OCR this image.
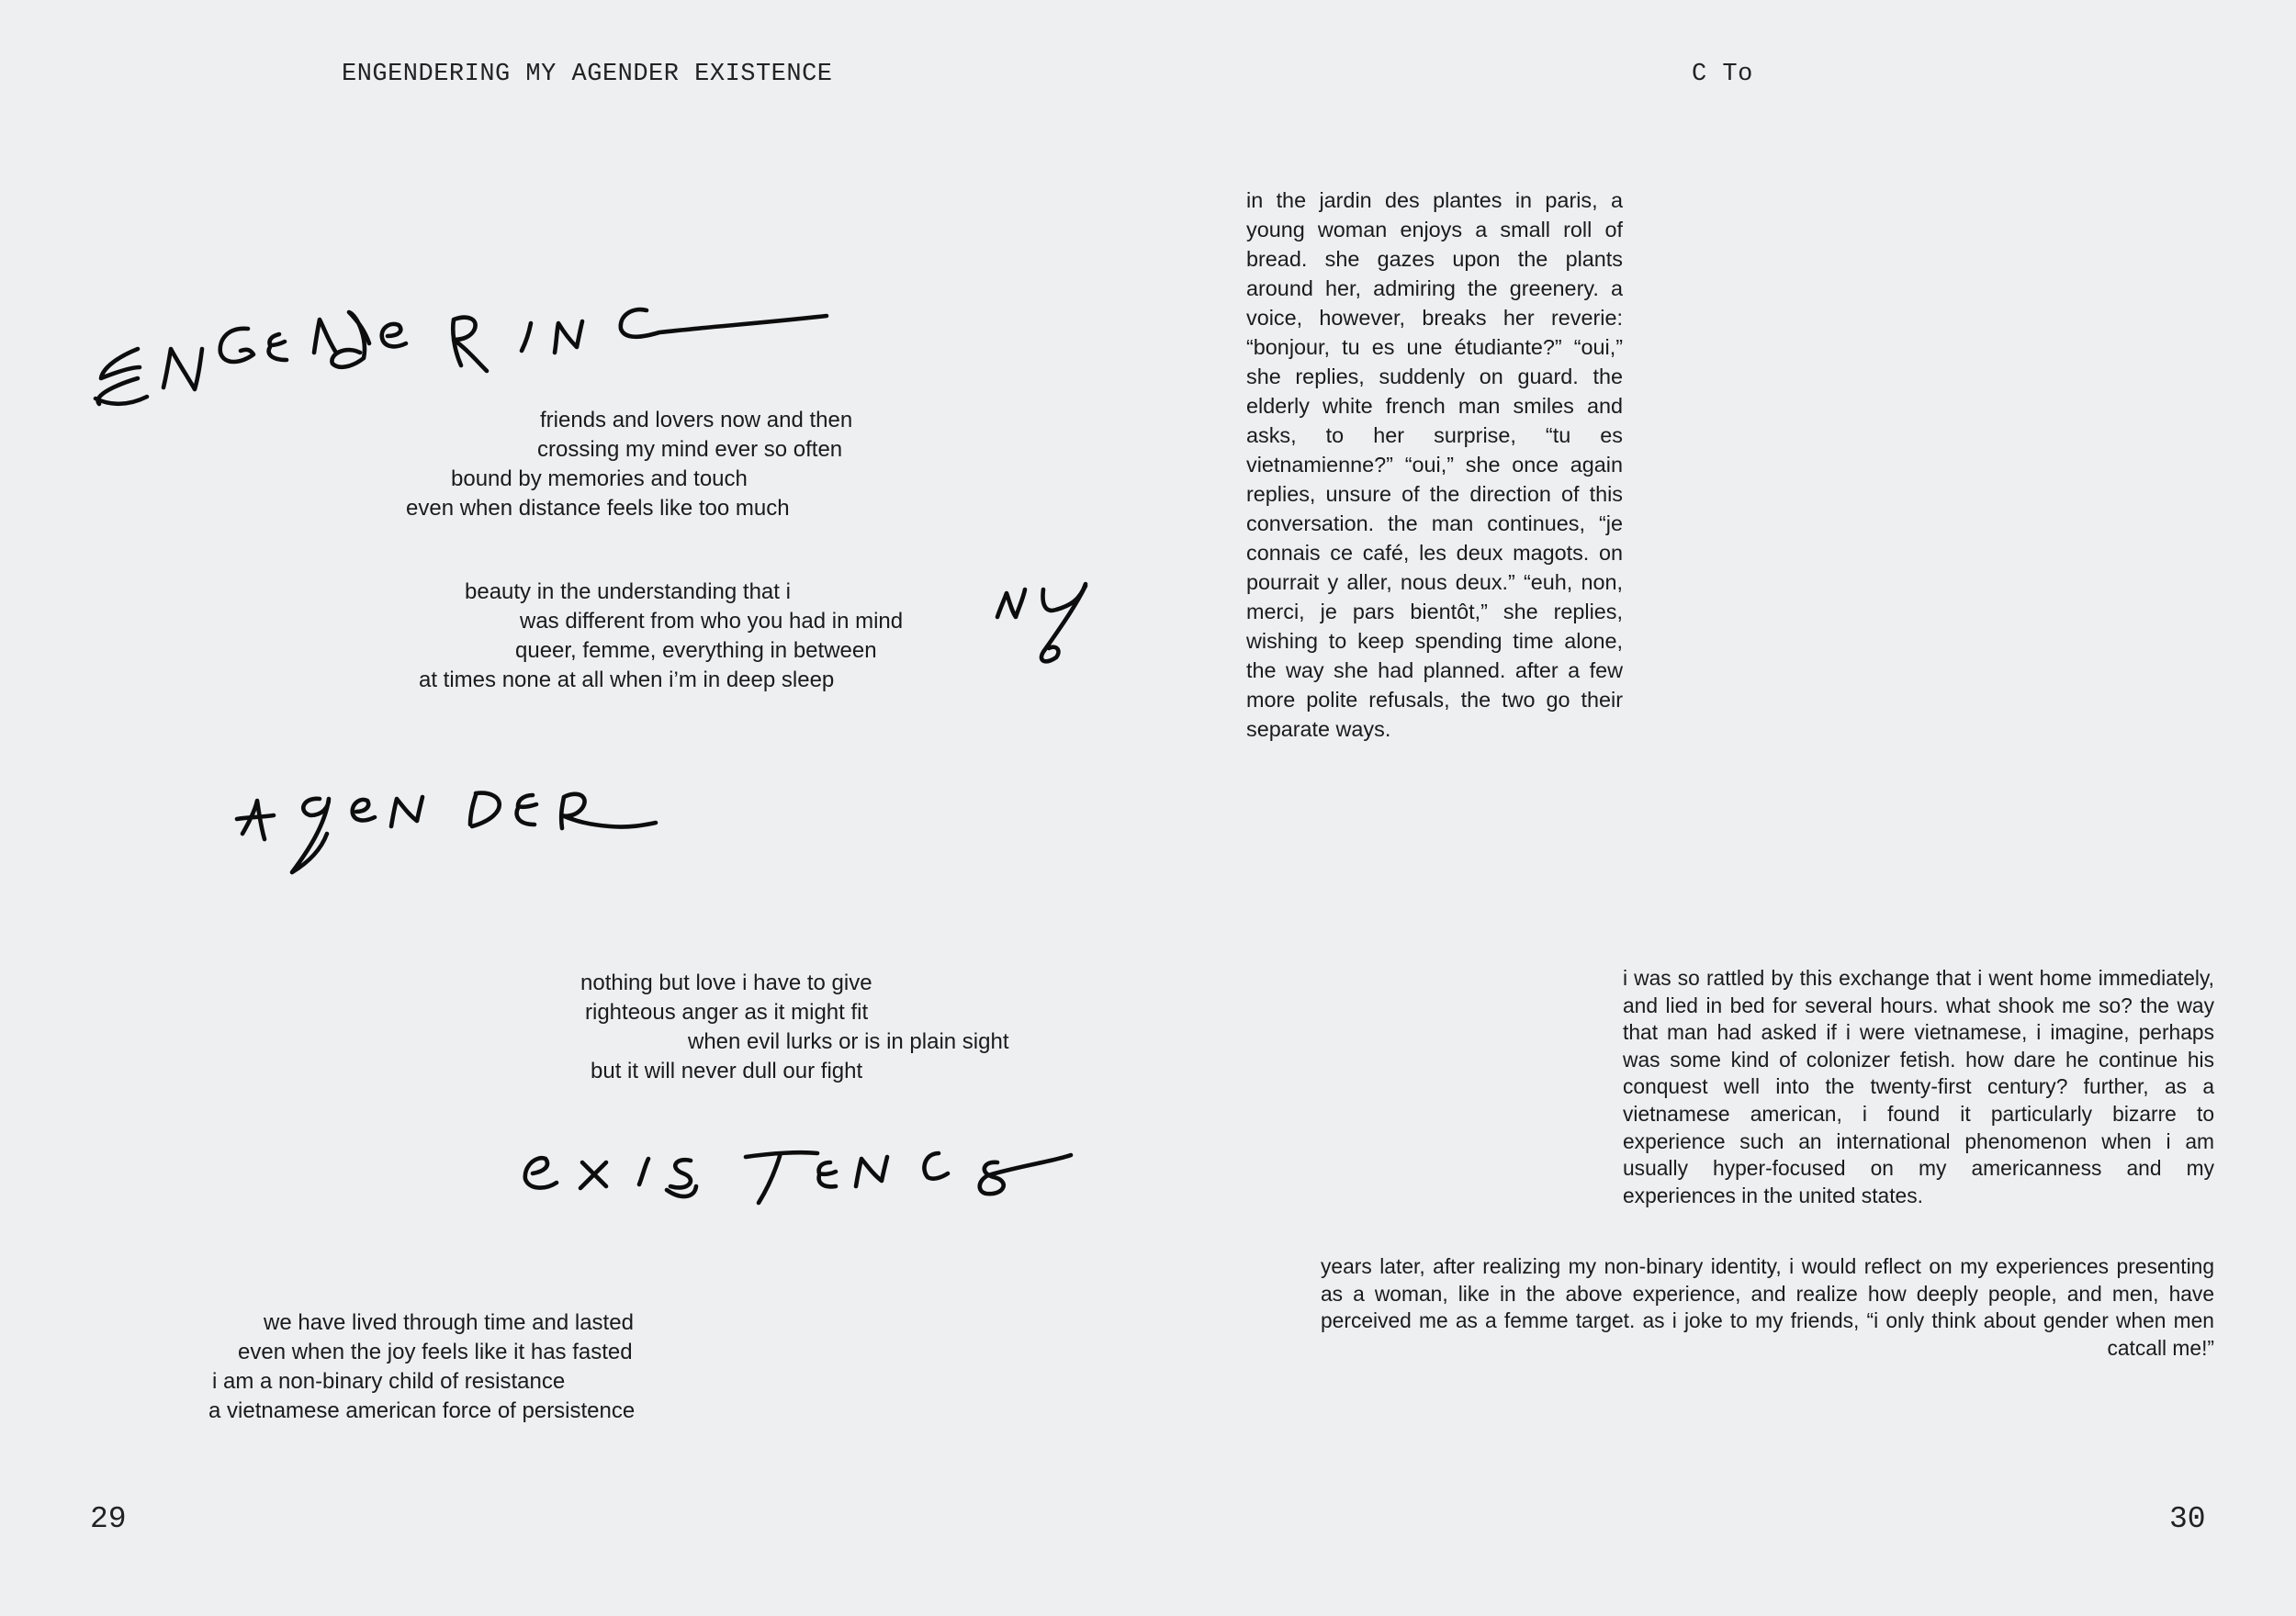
ENGENDERING MY AGENDER EXISTENCE
29
friends and lovers now and then
crossing my mind ever so often
bound by memories and touch
even when distance feels like too much
beauty in the understanding that i
was different from who you had in mind
queer, femme, everything in between
at times none at all when i’m in deep sleep
nothing but love i have to give
righteous anger as it might fit
when evil lurks or is in plain sight
but it will never dull our fight
we have lived through time and lasted
even when the joy feels like it has fasted
i am a non-binary child of resistance
a vietnamese american force of persistence
C To
30
in the jardin des plantes in paris, a young woman enjoys a small roll of bread. she gazes upon the plants around her, admiring the greenery. a voice, however, breaks her reverie: “bonjour, tu es une étudiante?” “oui,” she replies, suddenly on guard. the elderly white french man smiles and asks, to her surprise, “tu es vietnamienne?” “oui,” she once again replies, unsure of the direction of this conversation. the man continues, “je connais ce café, les deux magots. on pourrait y aller, nous deux.” “euh, non, merci, je pars bientôt,” she replies, wishing to keep spending time alone, the way she had planned. after a few more polite refusals, the two go their separate ways.
i was so rattled by this exchange that i went home immediately, and lied in bed for several hours. what shook me so? the way that man had asked if i were vietnamese, i imagine, perhaps was some kind of colonizer fetish. how dare he continue his conquest well into the twenty-first century? further, as a vietnamese american, i found it particularly bizarre to experience such an international phenomenon when i am usually hyper-focused on my americanness and my experiences in the united states.
years later, after realizing my non-binary identity, i would reflect on my experiences presenting as a woman, like in the above experience, and realize how deeply people, and men, have perceived me as a femme target. as i joke to my friends, “i only think about gender when men catcall me!”
